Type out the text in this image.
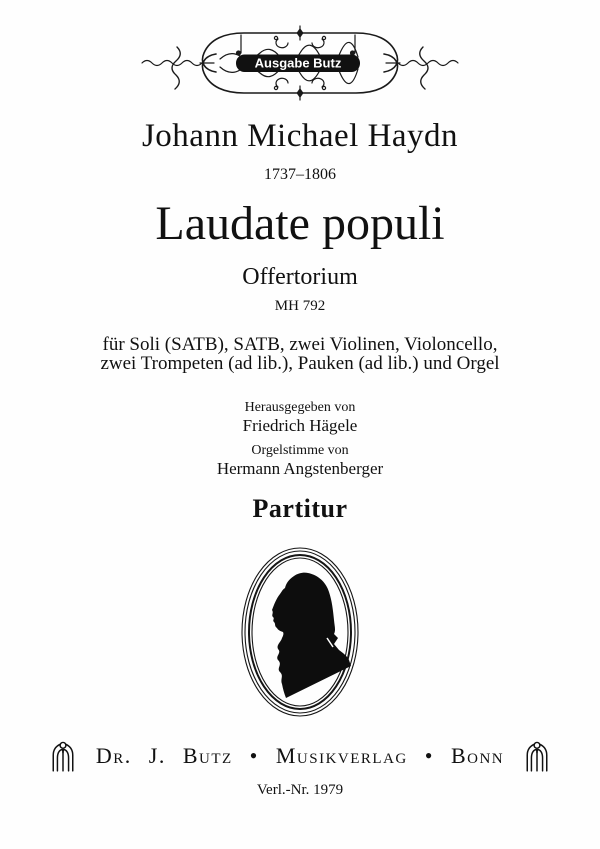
Ausgabe Butz
Johann Michael Haydn
1737–1806
Laudate populi
Offertorium
MH 792
für Soli (SATB), SATB, zwei Violinen, Violoncello,
zwei Trompeten (ad lib.), Pauken (ad lib.) und Orgel
Herausgegeben von
Friedrich Hägele
Orgelstimme von
Hermann Angstenberger
Partitur
Dr. J. Butz • Musikverlag • Bonn
Verl.-Nr. 1979
